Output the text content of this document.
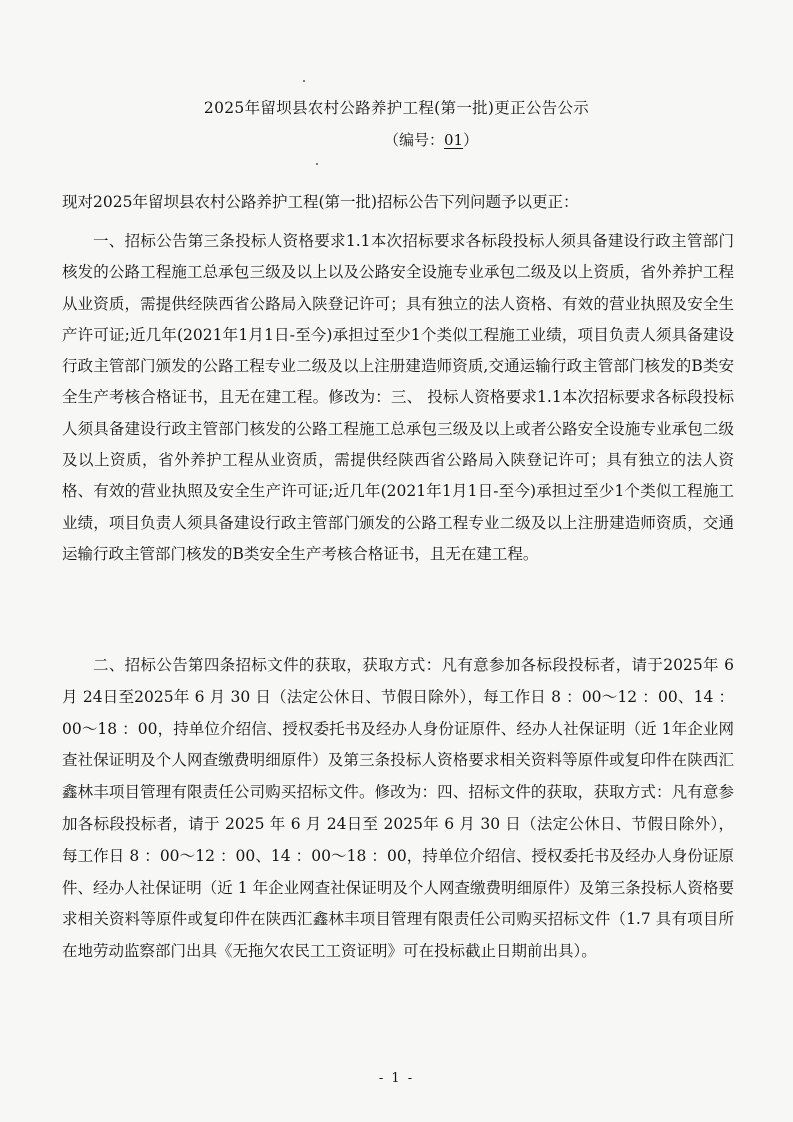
2025年留坝县农村公路养护工程(第一批)更正公告公示
（编号：01）
现对2025年留坝县农村公路养护工程(第一批)招标公告下列问题予以更正：

一、招标公告第三条投标人资格要求1.1本次招标要求各标段投标人须具备建设行政主管部门核发的公路工程施工总承包三级及以上以及公路安全设施专业承包二级及以上资质，省外养护工程从业资质，需提供经陕西省公路局入陕登记许可；具有独立的法人资格、有效的营业执照及安全生产许可证;近几年(2021年1月1日-至今)承担过至少1个类似工程施工业绩，项目负责人须具备建设行政主管部门颁发的公路工程专业二级及以上注册建造师资质,交通运输行政主管部门核发的B类安全生产考核合格证书，且无在建工程。修改为：三、 投标人资格要求1.1本次招标要求各标段投标人须具备建设行政主管部门核发的公路工程施工总承包三级及以上或者公路安全设施专业承包二级及以上资质，省外养护工程从业资质，需提供经陕西省公路局入陕登记许可；具有独立的法人资格、有效的营业执照及安全生产许可证;近几年(2021年1月1日-至今)承担过至少1个类似工程施工业绩，项目负责人须具备建设行政主管部门颁发的公路工程专业二级及以上注册建造师资质，交通运输行政主管部门核发的B类安全生产考核合格证书，且无在建工程。

二、招标公告第四条招标文件的获取，获取方式：凡有意参加各标段投标者，请于2025年 6 月 24日至2025年 6 月 30 日（法定公休日、节假日除外），每工作日 8 ：00～12 ：00、14 ：00～18 ：00，持单位介绍信、授权委托书及经办人身份证原件、经办人社保证明（近 1年企业网查社保证明及个人网查缴费明细原件）及第三条投标人资格要求相关资料等原件或复印件在陕西汇鑫林丰项目管理有限责任公司购买招标文件。修改为：四、招标文件的获取，获取方式：凡有意参加各标段投标者，请于 2025 年 6 月 24日至 2025年 6 月 30 日（法定公休日、节假日除外）， 每工作日 8 ：00～12 ：00、14 ：00～18 ：00，持单位介绍信、授权委托书及经办人身份证原件、经办人社保证明（近 1 年企业网查社保证明及个人网查缴费明细原件）及第三条投标人资格要求相关资料等原件或复印件在陕西汇鑫林丰项目管理有限责任公司购买招标文件（1.7 具有项目所在地劳动监察部门出具《无拖欠农民工工资证明》可在投标截止日期前出具）。

- 1 -
